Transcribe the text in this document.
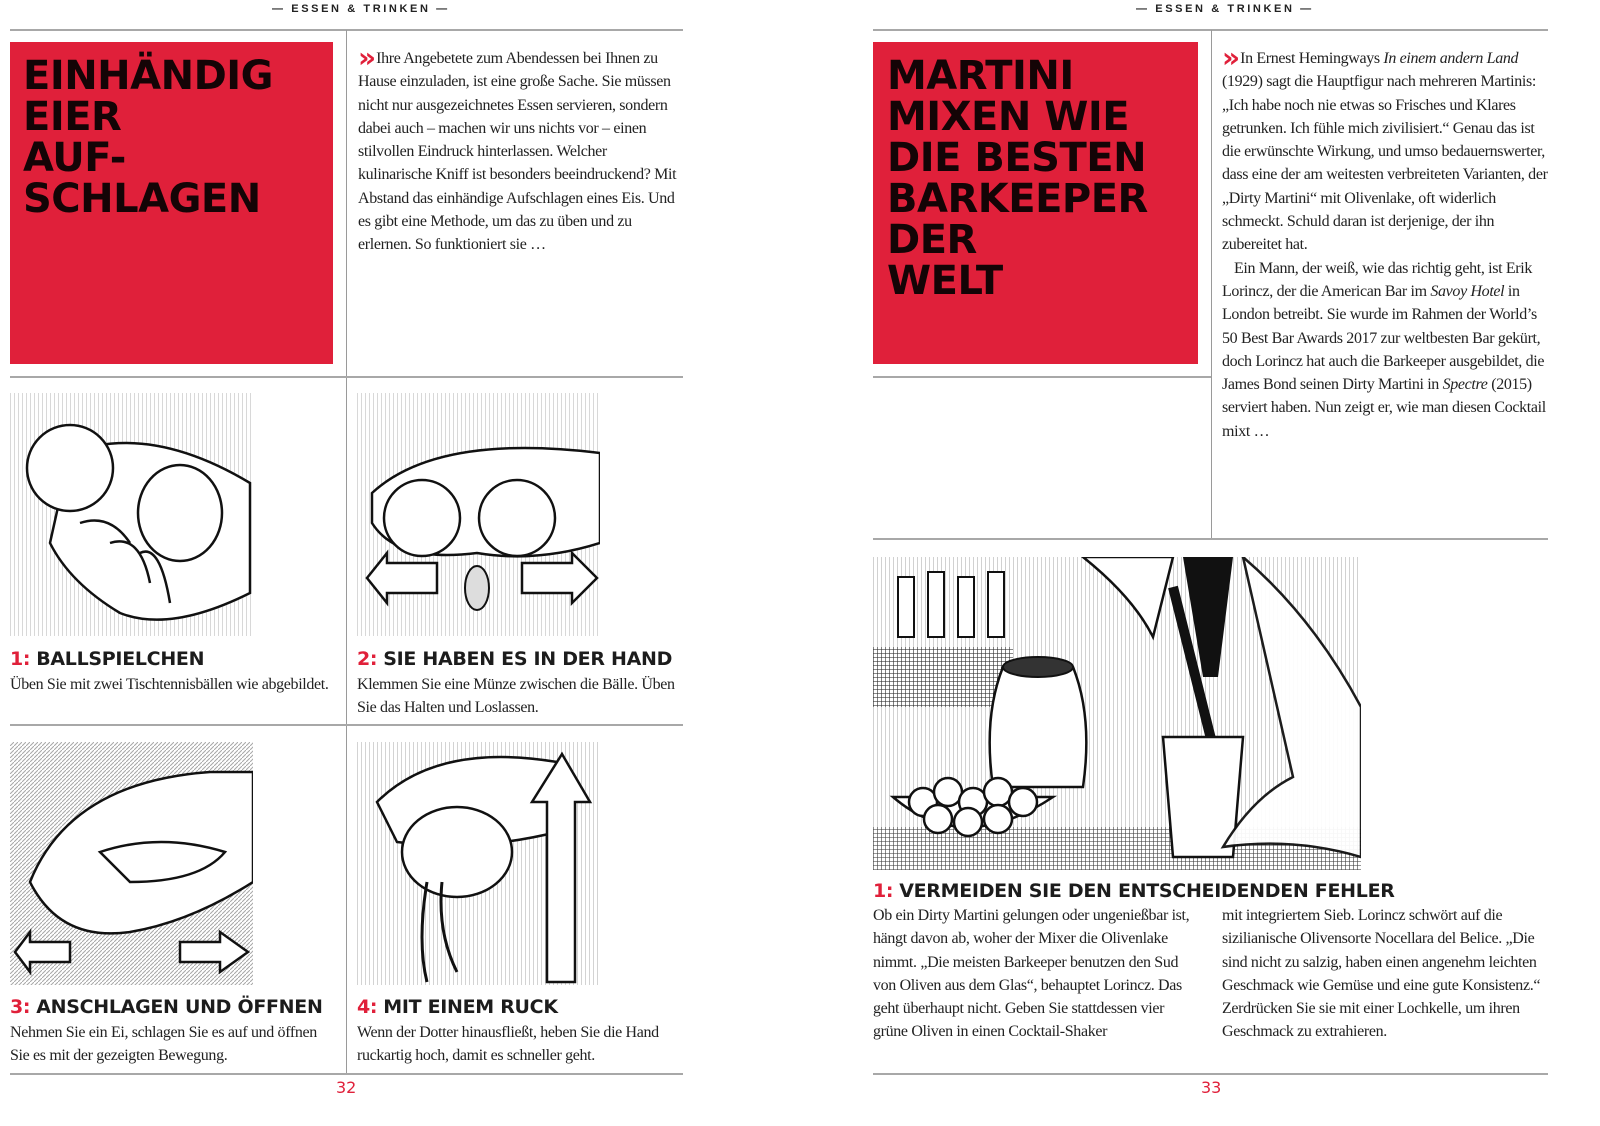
— ESSEN & TRINKEN —
EINHÄNDIG
EIER
AUF-
SCHLAGEN

» Ihre Angebetete zum Abendessen bei Ihnen zu Hause einzuladen, ist eine große Sache. Sie müssen nicht nur ausgezeichnetes Essen servieren, sondern dabei auch – machen wir uns nichts vor – einen stilvollen Eindruck hinterlassen. Welcher kulinarische Kniff ist besonders beeindruckend? Mit Abstand das einhändige Aufschlagen eines Eis. Und es gibt eine Methode, um das zu üben und zu erlernen. So funktioniert sie …

1: BALLSPIELCHEN

Üben Sie mit zwei Tischtennisbällen wie abgebildet.

2: SIE HABEN ES IN DER HAND

Klemmen Sie eine Münze zwischen die Bälle. Üben Sie das Halten und Loslassen.

3: ANSCHLAGEN UND ÖFFNEN

Nehmen Sie ein Ei, schlagen Sie es auf und öffnen Sie es mit der gezeigten Bewegung.

4: MIT EINEM RUCK

Wenn der Dotter hinausfließt, heben Sie die Hand ruckartig hoch, damit es schneller geht.

32
— ESSEN & TRINKEN —
MARTINI
MIXEN WIE
DIE BESTEN
BARKEEPER
DER
WELT

» In Ernest Hemingways In einem andern Land (1929) sagt die Hauptfigur nach mehreren Martinis: „Ich habe noch nie etwas so Frisches und Klares getrunken. Ich fühle mich zivilisiert.“ Genau das ist die erwünschte Wirkung, und umso bedauernswerter, dass eine der am weitesten verbreiteten Varianten, der „Dirty Martini“ mit Olivenlake, oft widerlich schmeckt. Schuld daran ist derjenige, der ihn zubereitet hat.

Ein Mann, der weiß, wie das richtig geht, ist Erik Lorincz, der die American Bar im Savoy Hotel in London betreibt. Sie wurde im Rahmen der World’s 50 Best Bar Awards 2017 zur weltbesten Bar gekürt, doch Lorincz hat auch die Barkeeper ausgebildet, die James Bond seinen Dirty Martini in Spectre (2015) serviert haben. Nun zeigt er, wie man diesen Cocktail mixt …

1: VERMEIDEN SIE DEN ENTSCHEIDENDEN FEHLER

Ob ein Dirty Martini gelungen oder ungenießbar ist, hängt davon ab, woher der Mixer die Olivenlake nimmt. „Die meisten Barkeeper benutzen den Sud von Oliven aus dem Glas“, behauptet Lorincz. Das geht überhaupt nicht. Geben Sie stattdessen vier grüne Oliven in einen Cocktail-Shaker

mit integriertem Sieb. Lorincz schwört auf die sizilianische Olivensorte Nocellara del Belice. „Die sind nicht zu salzig, haben einen angenehm leichten Geschmack wie Gemüse und eine gute Konsistenz.“ Zerdrücken Sie sie mit einer Lochkelle, um ihren Geschmack zu extrahieren.

33
